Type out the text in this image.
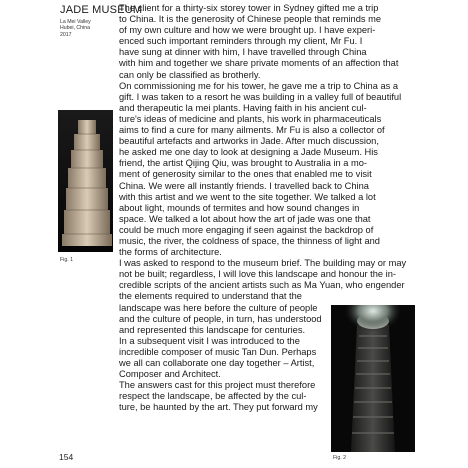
JADE MUSEUM
La Mei Valley
Hubei, China
2017

The client for a thirty-six storey tower in Sydney gifted me a trip

to China. It is the generosity of Chinese people that reminds me

of my own culture and how we were brought up. I have experi-

enced such important reminders through my client, Mr Fu. I

have sung at dinner with him, I have travelled through China

with him and together we share private moments of an affection that

can only be classified as brotherly.

On commissioning me for his tower, he gave me a trip to China as a

gift. I was taken to a resort he was building in a valley full of beautiful

and therapeutic la mei plants. Having faith in his ancient cul-

ture's ideas of medicine and plants, his work in pharmaceuticals

aims to find a cure for many ailments. Mr Fu is also a collector of

beautiful artefacts and artworks in Jade. After much discussion,

he asked me one day to look at designing a Jade Museum. His

friend, the artist Qijing Qiu, was brought to Australia in a mo-

ment of generosity similar to the ones that enabled me to visit

China. We were all instantly friends. I travelled back to China

with this artist and we went to the site together. We talked a lot

about light, mounds of termites and how sound changes in

space. We talked a lot about how the art of jade was one that

could be much more engaging if seen against the backdrop of

music, the river, the coldness of space, the thinness of light and

the forms of architecture.

I was asked to respond to the museum brief. The building may or may

not be built; regardless, I will love this landscape and honour the in-

credible scripts of the ancient artists such as Ma Yuan, who engender

the elements required to understand that the

landscape was here before the culture of people

and the culture of people, in turn, has understood

and represented this landscape for centuries.

In a subsequent visit I was introduced to the

incredible composer of music Tan Dun. Perhaps

we all can collaborate one day together – Artist,

Composer and Architect.

The answers cast for this project must therefore

respect the landscape, be affected by the cul-

ture, be haunted by the art. They put forward my

Fig. 1
Fig. 2
154
